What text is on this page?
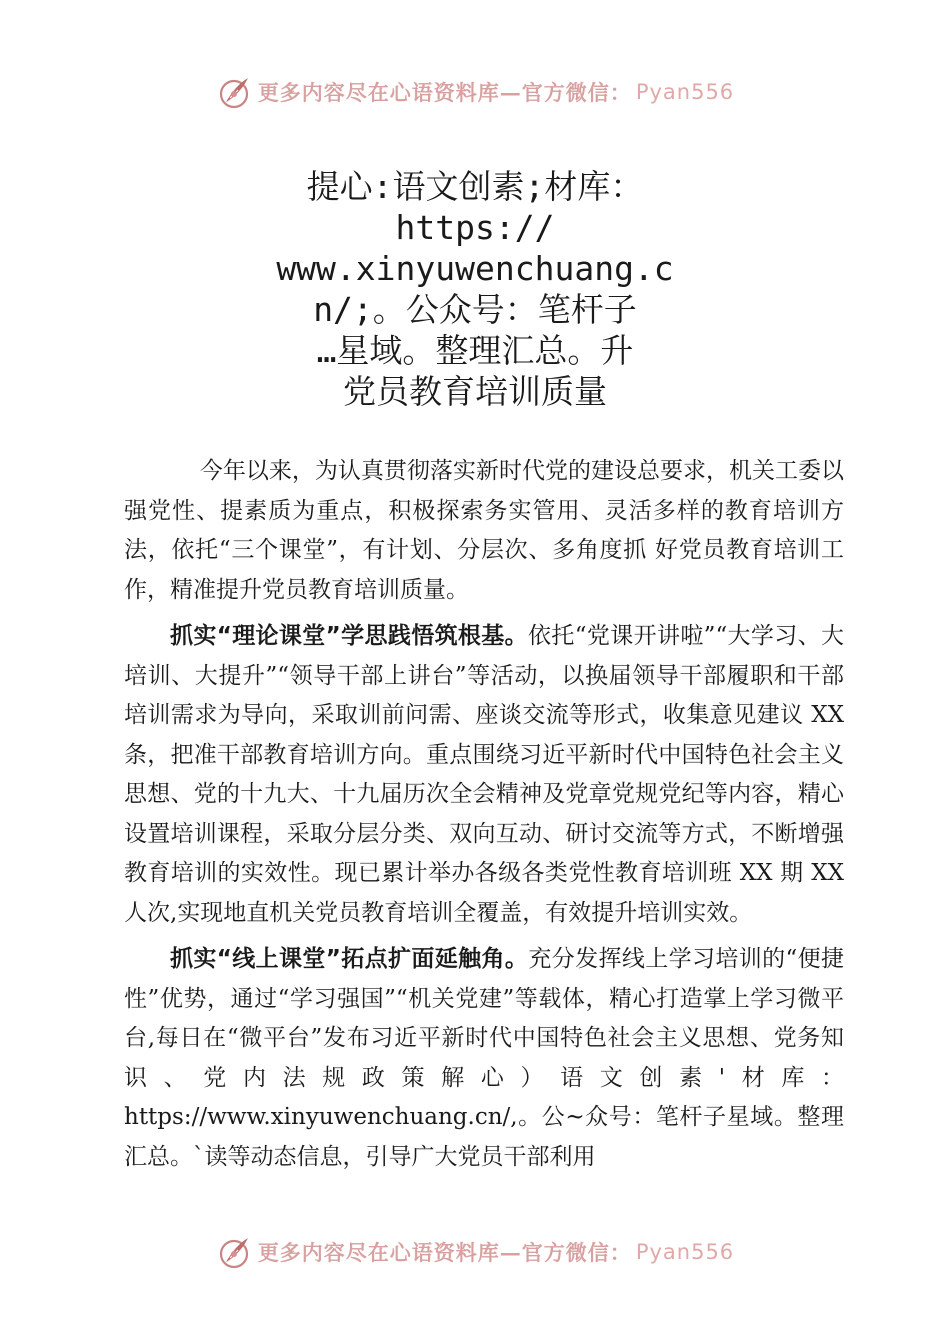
更多内容尽在心语资料库—官方微信： Pyan556
提心:语文创素;材库：
https://
www.xinyuwenchuang.c
n/;。公众号：笔杆子
…星域。整理汇总。升
党员教育培训质量

今年以来，为认真贯彻落实新时代党的建设总要求，机关工委以强党性、提素质为重点，积极探索务实管用、灵活多样的教育培训方法，依托“三个课堂”，有计划、分层次、多角度抓 好党员教育培训工作，精准提升党员教育培训质量。

抓实“理论课堂”学思践悟筑根基。依托“党课开讲啦”“大学习、大培训、大提升”“领导干部上讲台”等活动，以换届领导干部履职和干部培训需求为导向，采取训前问需、座谈交流等形式，收集意见建议 XX 条，把准干部教育培训方向。重点围绕习近平新时代中国特色社会主义思想、党的十九大、十九届历次全会精神及党章党规党纪等内容，精心设置培训课程，采取分层分类、双向互动、研讨交流等方式，不断增强教育培训的实效性。现已累计举办各级各类党性教育培训班 XX 期 XX 人次,实现地直机关党员教育培训全覆盖，有效提升培训实效。

抓实“线上课堂”拓点扩面延触角。充分发挥线上学习培训的“便捷性”优势，通过“学习强国”“机关党建”等载体，精心打造掌上学习微平台,每日在“微平台”发布习近平新时代中国特色社会主义思想、党务知识、党内法规政策解心）语文创素'材库：https://www.xinyuwenchuang.cn/,。公~众号：笔杆子星域。整理汇总。`读等动态信息，引导广大党员干部利用

更多内容尽在心语资料库—官方微信： Pyan556
